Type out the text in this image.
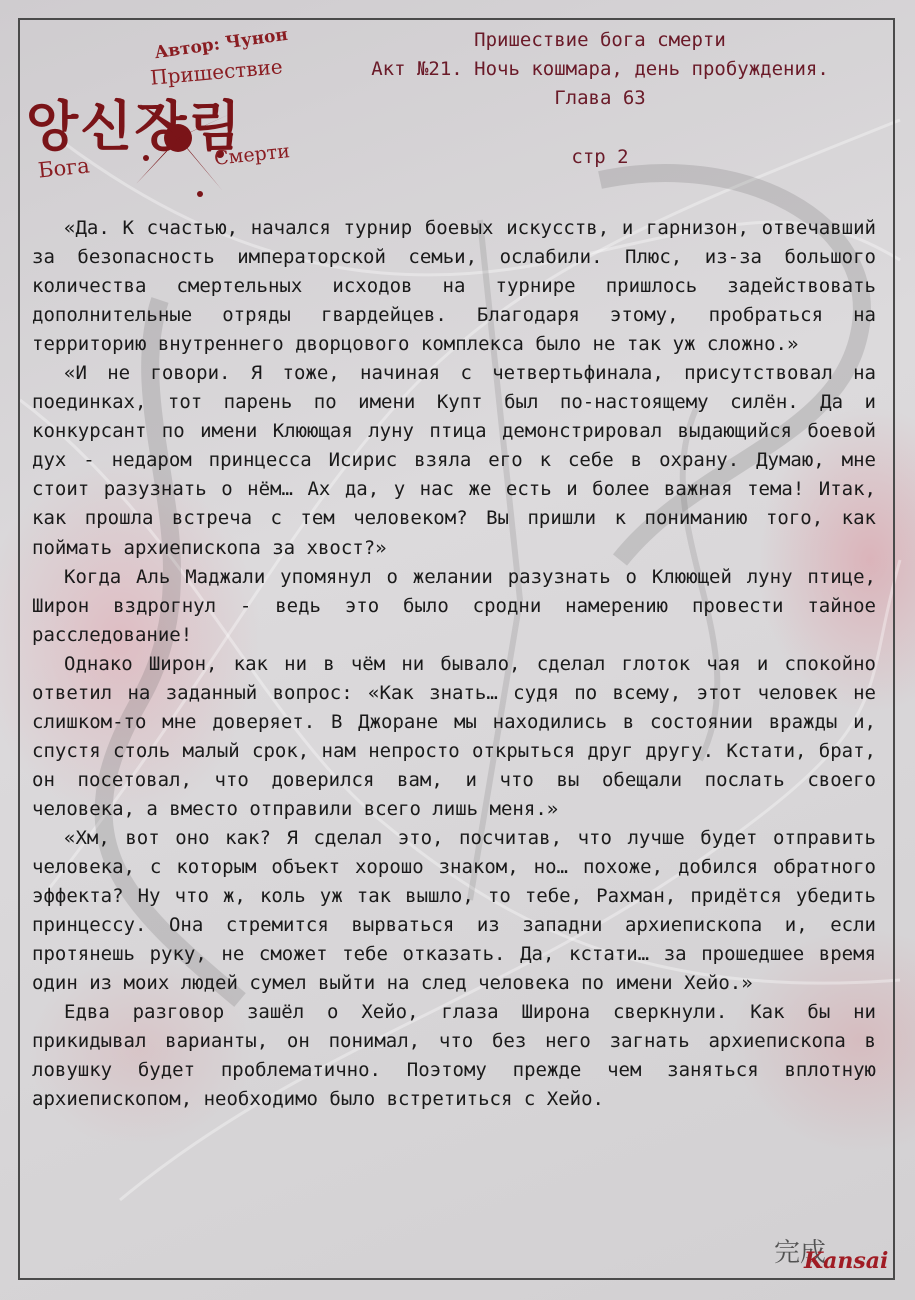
Автор: Чунон
Пришествие
앙신강림
Бога	Смерти
Пришествие бога смерти
Акт №21. Ночь кошмара, день пробуждения.
Глава 63
стр 2

«Да. К счастью, начался турнир боевых искусств, и гарнизон, отвечавший за безопасность императорской семьи, ослабили. Плюс, из-за большого количества смертельных исходов на турнире пришлось задействовать дополнительные отряды гвардейцев. Благодаря этому, пробраться на территорию внутреннего дворцового комплекса было не так уж сложно.»

«И не говори. Я тоже, начиная с четвертьфинала, присутствовал на поединках, тот парень по имени Купт был по-настоящему силён. Да и конкурсант по имени Клюющая луну птица демонстрировал выдающийся боевой дух - недаром принцесса Исирис взяла его к себе в охрану. Думаю, мне стоит разузнать о нём… Ах да, у нас же есть и более важная тема! Итак, как прошла встреча с тем человеком? Вы пришли к пониманию того, как поймать архиепископа за хвост?»

Когда Аль Маджали упомянул о желании разузнать о Клюющей луну птице, Широн вздрогнул - ведь это было сродни намерению провести тайное расследование!

Однако Широн, как ни в чём ни бывало, сделал глоток чая и спокойно ответил на заданный вопрос: «Как знать… судя по всему, этот человек не слишком-то мне доверяет. В Джоране мы находились в состоянии вражды и, спустя столь малый срок, нам непросто открыться друг другу. Кстати, брат, он посетовал, что доверился вам, и что вы обещали послать своего человека, а вместо отправили всего лишь меня.»

«Хм, вот оно как? Я сделал это, посчитав, что лучше будет отправить человека, с которым объект хорошо знаком, но… похоже, добился обратного эффекта? Ну что ж, коль уж так вышло, то тебе, Рахман, придётся убедить принцессу. Она стремится вырваться из западни архиепископа и, если протянешь руку, не сможет тебе отказать. Да, кстати… за прошедшее время один из моих людей сумел выйти на след человека по имени Хейо.»

Едва разговор зашёл о Хейо, глаза Широна сверкнули. Как бы ни прикидывал варианты, он понимал, что без него загнать архиепископа в ловушку будет проблематично. Поэтому прежде чем заняться вплотную архиепископом, необходимо было встретиться с Хейо.

完成
Kansai
